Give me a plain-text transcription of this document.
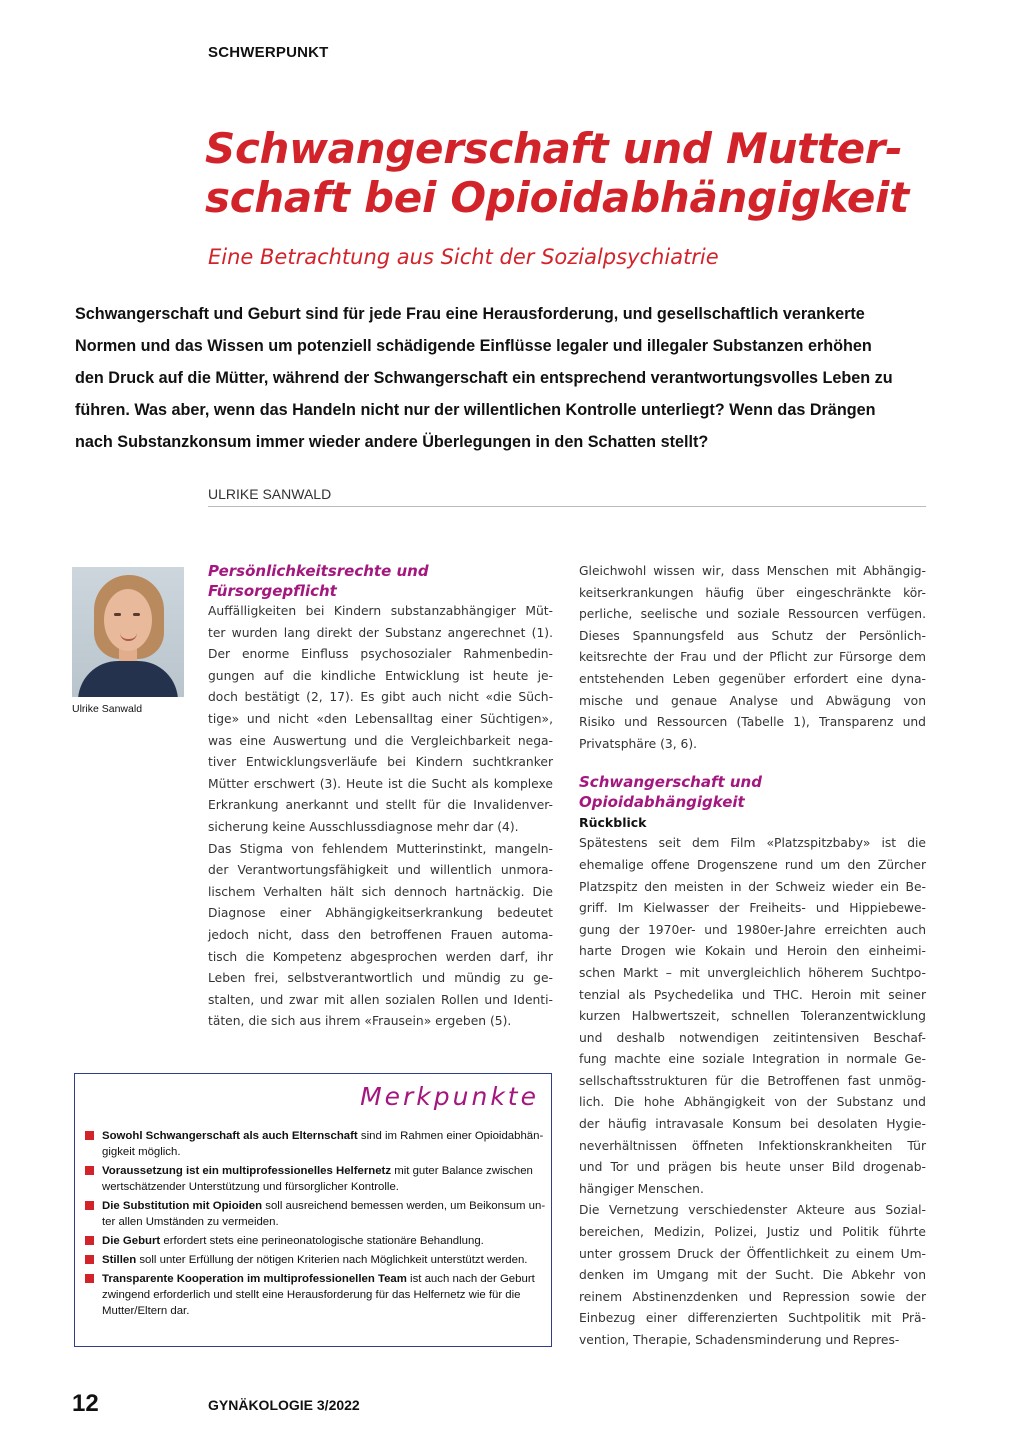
SCHWERPUNKT
Schwangerschaft und Mutter-
schaft bei Opioidabhängigkeit
Eine Betrachtung aus Sicht der Sozialpsychiatrie
Schwangerschaft und Geburt sind für jede Frau eine Herausforderung, und gesellschaftlich verankerte
Normen und das Wissen um potenziell schädigende Einflüsse legaler und illegaler Substanzen erhöhen
den Druck auf die Mütter, während der Schwangerschaft ein entsprechend verantwortungsvolles Leben zu
führen. Was aber, wenn das Handeln nicht nur der willentlichen Kontrolle unterliegt? Wenn das Drängen
nach Substanzkonsum immer wieder andere Überlegungen in den Schatten stellt?
ULRIKE SANWALD
Ulrike Sanwald
Persönlichkeitsrechte und
Fürsorgepflicht
Auffälligkeiten bei Kindern substanzabhängiger Müt-
ter wurden lang direkt der Substanz angerechnet (1).
Der enorme Einfluss psychosozialer Rahmenbedin-
gungen auf die kindliche Entwicklung ist heute je-
doch bestätigt (2, 17). Es gibt auch nicht «die Süch-
tige» und nicht «den Lebensalltag einer Süchtigen»,
was eine Auswertung und die Vergleichbarkeit nega-
tiver Entwicklungsverläufe bei Kindern suchtkranker
Mütter erschwert (3). Heute ist die Sucht als komplexe
Erkrankung anerkannt und stellt für die Invalidenver-
sicherung keine Ausschlussdiagnose mehr dar (4).
Das Stigma von fehlendem Mutterinstinkt, mangeln-
der Verantwortungsfähigkeit und willentlich unmora-
lischem Verhalten hält sich dennoch hartnäckig. Die
Diagnose einer Abhängigkeitserkrankung bedeutet
jedoch nicht, dass den betroffenen Frauen automa-
tisch die Kompetenz abgesprochen werden darf, ihr
Leben frei, selbstverantwortlich und mündig zu ge-
stalten, und zwar mit allen sozialen Rollen und Identi-
täten, die sich aus ihrem «Frausein» ergeben (5).
Gleichwohl wissen wir, dass Menschen mit Abhängig-
keitserkrankungen häufig über eingeschränkte kör-
perliche, seelische und soziale Ressourcen verfügen.
Dieses Spannungsfeld aus Schutz der Persönlich-
keitsrechte der Frau und der Pflicht zur Fürsorge dem
entstehenden Leben gegenüber erfordert eine dyna-
mische und genaue Analyse und Abwägung von
Risiko und Ressourcen (Tabelle 1), Transparenz und
Privatsphäre (3, 6).
Schwangerschaft und
Opioidabhängigkeit
Rückblick
Spätestens seit dem Film «Platzspitzbaby» ist die
ehemalige offene Drogenszene rund um den Zürcher
Platzspitz den meisten in der Schweiz wieder ein Be-
griff. Im Kielwasser der Freiheits- und Hippiebewe-
gung der 1970er- und 1980er-Jahre erreichten auch
harte Drogen wie Kokain und Heroin den einheimi-
schen Markt – mit unvergleichlich höherem Suchtpo-
tenzial als Psychedelika und THC. Heroin mit seiner
kurzen Halbwertszeit, schnellen Toleranzentwicklung
und deshalb notwendigen zeitintensiven Beschaf-
fung machte eine soziale Integration in normale Ge-
sellschaftsstrukturen für die Betroffenen fast unmög-
lich. Die hohe Abhängigkeit von der Substanz und
der häufig intravasale Konsum bei desolaten Hygie-
neverhältnissen öffneten Infektionskrankheiten Tür
und Tor und prägen bis heute unser Bild drogenab-
hängiger Menschen.
Die Vernetzung verschiedenster Akteure aus Sozial-
bereichen, Medizin, Polizei, Justiz und Politik führte
unter grossem Druck der Öffentlichkeit zu einem Um-
denken im Umgang mit der Sucht. Die Abkehr von
reinem Abstinenzdenken und Repression sowie der
Einbezug einer differenzierten Suchtpolitik mit Prä-
vention, Therapie, Schadensminderung und Repres-
Merkpunkte
Sowohl Schwangerschaft als auch Elternschaft sind im Rahmen einer Opioidabhän-
gigkeit möglich.
Voraussetzung ist ein multiprofessionelles Helfernetz mit guter Balance zwischen
wertschätzender Unterstützung und fürsorglicher Kontrolle.
Die Substitution mit Opioiden soll ausreichend bemessen werden, um Beikonsum un-
ter allen Umständen zu vermeiden.
Die Geburt erfordert stets eine perineonatologische stationäre Behandlung.
Stillen soll unter Erfüllung der nötigen Kriterien nach Möglichkeit unterstützt werden.
Transparente Kooperation im multiprofessionellen Team ist auch nach der Geburt
zwingend erforderlich und stellt eine Herausforderung für das Helfernetz wie für die
Mutter/Eltern dar.
12	GYNÄKOLOGIE 3/2022
